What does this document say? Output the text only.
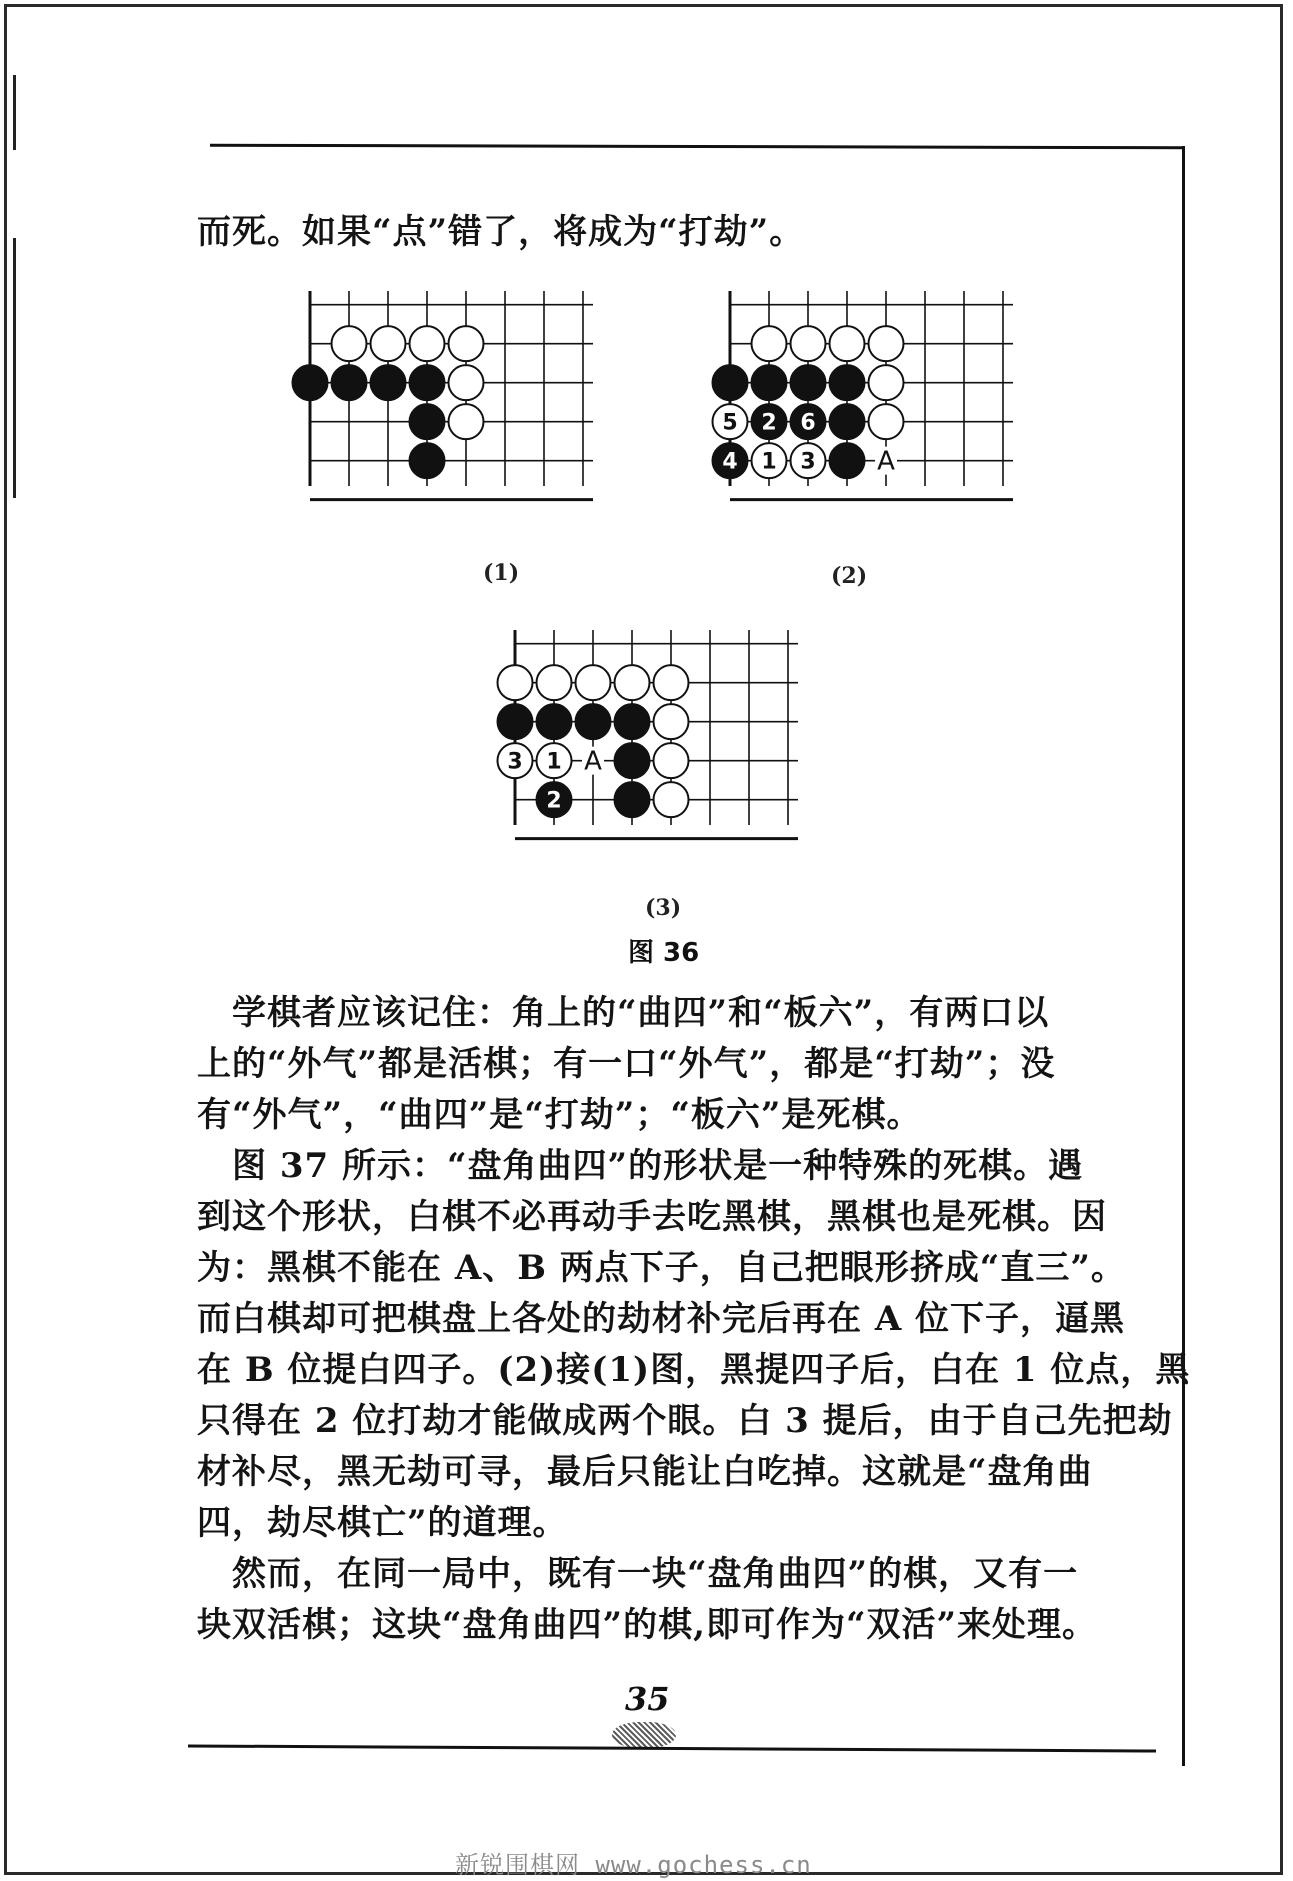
而死。如果“点”错了，将成为“打劫”。
5 2 6
4 1 3 A
3 1 A
2
(1)	(2)
(3)
图 36
　学棋者应该记住：角上的“曲四”和“板六”，有两口以
上的“外气”都是活棋；有一口“外气”，都是“打劫”；没
有“外气”，“曲四”是“打劫”；“板六”是死棋。
　图 37 所示：“盘角曲四”的形状是一种特殊的死棋。遇
到这个形状，白棋不必再动手去吃黑棋，黑棋也是死棋。因
为：黑棋不能在 A、B 两点下子，自己把眼形挤成“直三”。
而白棋却可把棋盘上各处的劫材补完后再在 A 位下子，逼黑
在 B 位提白四子。(2)接(1)图，黑提四子后，白在 1 位点，黑
只得在 2 位打劫才能做成两个眼。白 3 提后，由于自己先把劫
材补尽，黑无劫可寻，最后只能让白吃掉。这就是“盘角曲
四，劫尽棋亡”的道理。
　然而，在同一局中，既有一块“盘角曲四”的棋，又有一
块双活棋；这块“盘角曲四”的棋,即可作为“双活”来处理。
35
新锐围棋网 www.gochess.cn
